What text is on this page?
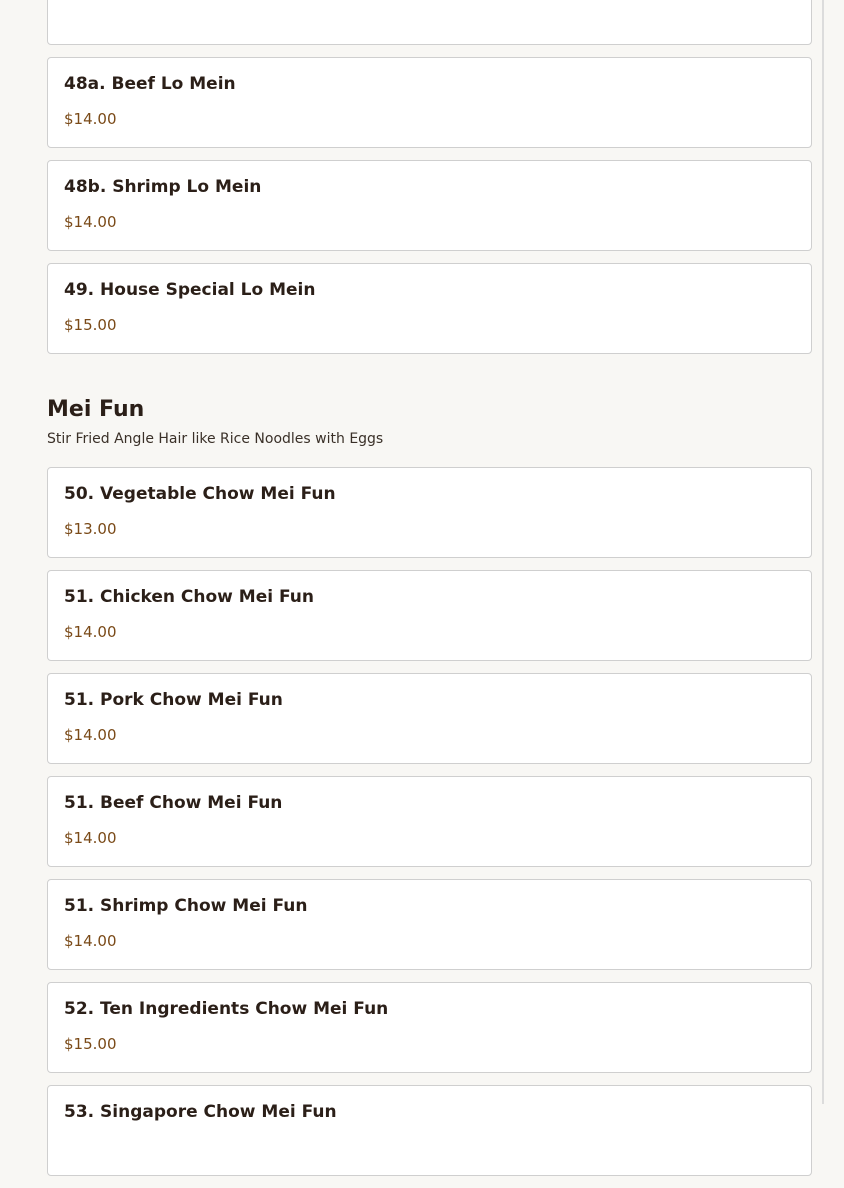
48a. Beef Lo Mein
$14.00
48b. Shrimp Lo Mein
$14.00
49. House Special Lo Mein
$15.00
Mei Fun

Stir Fried Angle Hair like Rice Noodles with Eggs

50. Vegetable Chow Mei Fun
$13.00
51. Chicken Chow Mei Fun
$14.00
51. Pork Chow Mei Fun
$14.00
51. Beef Chow Mei Fun
$14.00
51. Shrimp Chow Mei Fun
$14.00
52. Ten Ingredients Chow Mei Fun
$15.00
53. Singapore Chow Mei Fun
